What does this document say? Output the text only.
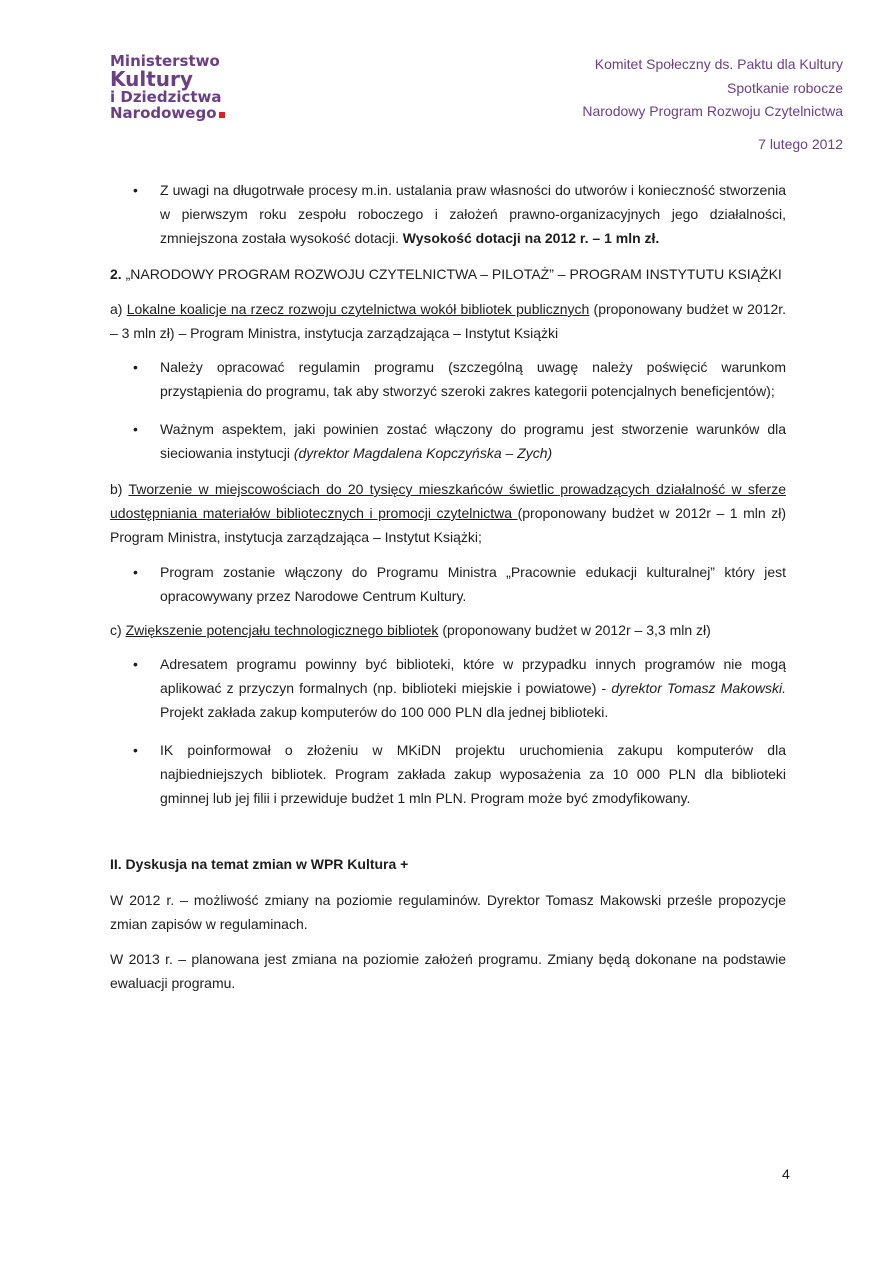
Ministerstwo
Kultury
i Dziedzictwa
Narodowego
Komitet Społeczny ds. Paktu dla Kultury
Spotkanie robocze
Narodowy Program Rozwoju Czytelnictwa
7 lutego 2012
• Z uwagi na długotrwałe procesy m.in. ustalania praw własności do utworów i konieczność stworzenia w pierwszym roku zespołu roboczego i założeń prawno-organizacyjnych jego działalności, zmniejszona została wysokość dotacji. Wysokość dotacji na 2012 r. – 1 mln zł.

2. „NARODOWY PROGRAM ROZWOJU CZYTELNICTWA – PILOTAŻ” – PROGRAM INSTYTUTU KSIĄŻKI

a) Lokalne koalicje na rzecz rozwoju czytelnictwa wokół bibliotek publicznych (proponowany budżet w 2012r. – 3 mln zł) – Program Ministra, instytucja zarządzająca – Instytut Książki

• Należy opracować regulamin programu (szczególną uwagę należy poświęcić warunkom przystąpienia do programu, tak aby stworzyć szeroki zakres kategorii potencjalnych beneficjentów);
• Ważnym aspektem, jaki powinien zostać włączony do programu jest stworzenie warunków dla sieciowania instytucji (dyrektor Magdalena Kopczyńska – Zych)

b) Tworzenie w miejscowościach do 20 tysięcy mieszkańców świetlic prowadzących działalność w sferze udostępniania materiałów bibliotecznych i promocji czytelnictwa (proponowany budżet w 2012r – 1 mln zł) Program Ministra, instytucja zarządzająca – Instytut Książki;

• Program zostanie włączony do Programu Ministra „Pracownie edukacji kulturalnej” który jest opracowywany przez Narodowe Centrum Kultury.

c) Zwiększenie potencjału technologicznego bibliotek (proponowany budżet w 2012r – 3,3 mln zł)

• Adresatem programu powinny być biblioteki, które w przypadku innych programów nie mogą aplikować z przyczyn formalnych (np. biblioteki miejskie i powiatowe) - dyrektor Tomasz Makowski. Projekt zakłada zakup komputerów do 100 000 PLN dla jednej biblioteki.
• IK poinformował o złożeniu w MKiDN projektu uruchomienia zakupu komputerów dla najbiedniejszych bibliotek. Program zakłada zakup wyposażenia za 10 000 PLN dla biblioteki gminnej lub jej filii i przewiduje budżet 1 mln PLN. Program może być zmodyfikowany.

II. Dyskusja na temat zmian w WPR Kultura +

W 2012 r. – możliwość zmiany na poziomie regulaminów. Dyrektor Tomasz Makowski prześle propozycje zmian zapisów w regulaminach.

W 2013 r. – planowana jest zmiana na poziomie założeń programu. Zmiany będą dokonane na podstawie ewaluacji programu.

4
